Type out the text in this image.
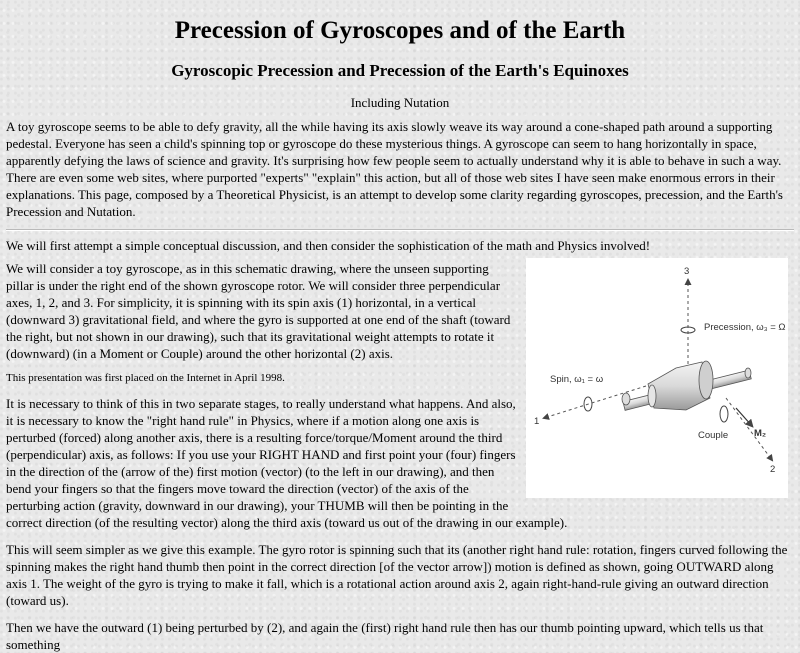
Precession of Gyroscopes and of the Earth
Gyroscopic Precession and Precession of the Earth's Equinoxes
Including Nutation

A toy gyroscope seems to be able to defy gravity, all the while having its axis slowly weave its way around a cone-shaped path around a supporting pedestal. Everyone has seen a child's spinning top or gyroscope do these mysterious things. A gyroscope can seem to hang horizontally in space, apparently defying the laws of science and gravity. It's surprising how few people seem to actually understand why it is able to behave in such a way. There are even some web sites, where purported "experts" "explain" this action, but all of those web sites I have seen make enormous errors in their explanations. This page, composed by a Theoretical Physicist, is an attempt to develop some clarity regarding gyroscopes, precession, and the Earth's Precession and Nutation.

We will first attempt a simple conceptual discussion, and then consider the sophistication of the math and Physics involved!

3
Precession, ω₃ = Ω
1
Spin, ω₁ = ω
2
Couple	M₂

We will consider a toy gyroscope, as in this schematic drawing, where the unseen supporting pillar is under the right end of the shown gyroscope rotor. We will consider three perpendicular axes, 1, 2, and 3. For simplicity, it is spinning with its spin axis (1) horizontal, in a vertical (downward 3) gravitational field, and where the gyro is supported at one end of the shaft (toward the right, but not shown in our drawing), such that its gravitational weight attempts to rotate it (downward) (in a Moment or Couple) around the other horizontal (2) axis.

This presentation was first placed on the Internet in April 1998.

It is necessary to think of this in two separate stages, to really understand what happens. And also, it is necessary to know the "right hand rule" in Physics, where if a motion along one axis is perturbed (forced) along another axis, there is a resulting force/torque/Moment around the third (perpendicular) axis, as follows: If you use your RIGHT HAND and first point your (four) fingers in the direction of the (arrow of the) first motion (vector) (to the left in our drawing), and then bend your fingers so that the fingers move toward the direction (vector) of the axis of the perturbing action (gravity, downward in our drawing), your THUMB will then be pointing in the correct direction (of the resulting vector) along the third axis (toward us out of the drawing in our example).

This will seem simpler as we give this example. The gyro rotor is spinning such that its (another right hand rule: rotation, fingers curved following the spinning makes the right hand thumb then point in the correct direction [of the vector arrow]) motion is defined as shown, going OUTWARD along axis 1. The weight of the gyro is trying to make it fall, which is a rotational action around axis 2, again right-hand-rule giving an outward direction (toward us).

Then we have the outward (1) being perturbed by (2), and again the (first) right hand rule then has our thumb pointing upward, which tells us that something
